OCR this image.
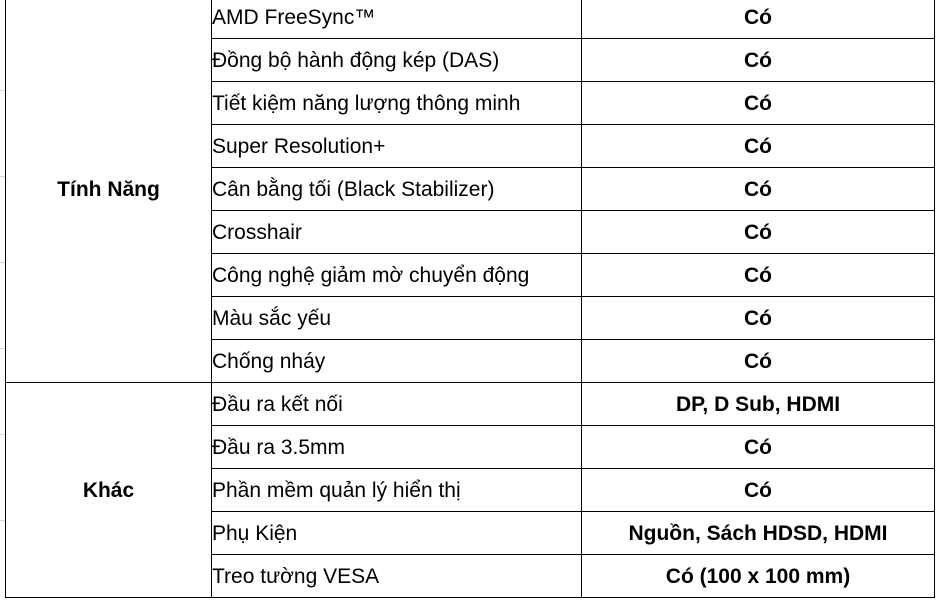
Tính Năng	AMD FreeSync™	Có
	Đồng bộ hành động kép (DAS)	Có
	Tiết kiệm năng lượng thông minh	Có
	Super Resolution+	Có
	Cân bằng tối (Black Stabilizer)	Có
	Crosshair	Có
	Công nghệ giảm mờ chuyển động	Có
	Màu sắc yếu	Có
	Chống nháy	Có
Khác	Đầu ra kết nối	DP, D Sub, HDMI
	Đầu ra 3.5mm	Có
	Phần mềm quản lý hiển thị	Có
	Phụ Kiện	Nguồn, Sách HDSD, HDMI
	Treo tường VESA	Có (100 x 100 mm)
